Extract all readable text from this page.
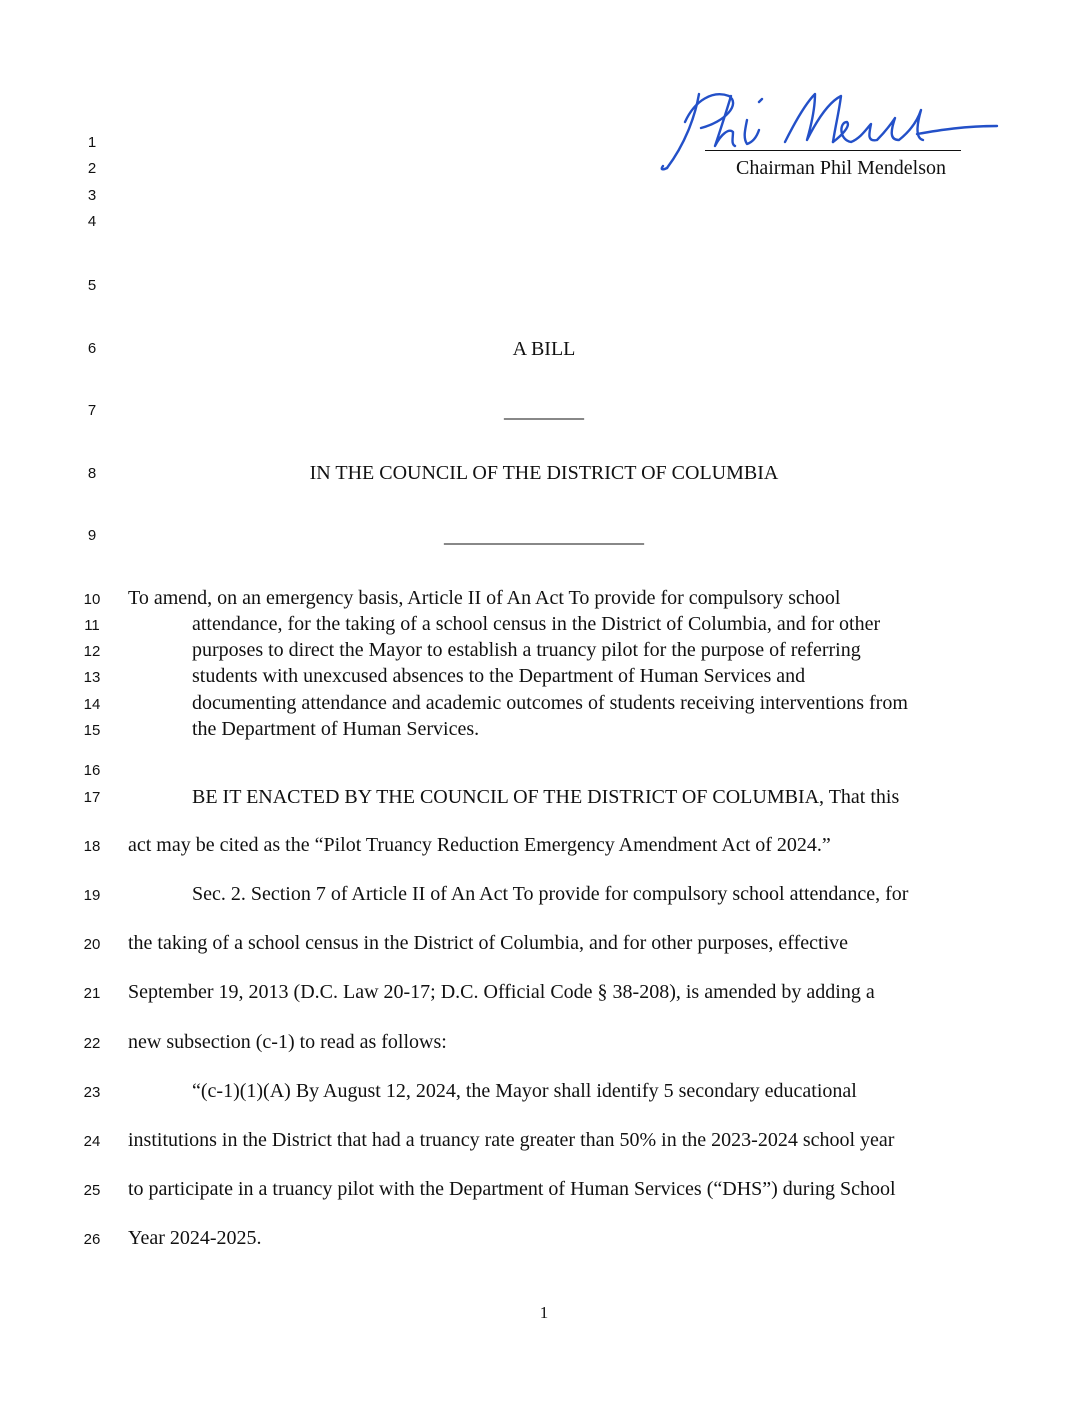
Chairman Phil Mendelson
1
2
3
4
5
6
7
8
9
10
11
12
13
14
15
16
17
18
19
20
21
22
23
24
25
26
A BILL
________
IN THE COUNCIL OF THE DISTRICT OF COLUMBIA
____________________
To amend, on an emergency basis, Article II of An Act To provide for compulsory school
attendance, for the taking of a school census in the District of Columbia, and for other
purposes to direct the Mayor to establish a truancy pilot for the purpose of referring
students with unexcused absences to the Department of Human Services and
documenting attendance and academic outcomes of students receiving interventions from
the Department of Human Services.
BE IT ENACTED BY THE COUNCIL OF THE DISTRICT OF COLUMBIA, That this
act may be cited as the “Pilot Truancy Reduction Emergency Amendment Act of 2024.”
Sec. 2. Section 7 of Article II of An Act To provide for compulsory school attendance, for
the taking of a school census in the District of Columbia, and for other purposes, effective
September 19, 2013 (D.C. Law 20-17; D.C. Official Code § 38-208), is amended by adding a
new subsection (c-1) to read as follows:
“(c-1)(1)(A) By August 12, 2024, the Mayor shall identify 5 secondary educational
institutions in the District that had a truancy rate greater than 50% in the 2023-2024 school year
to participate in a truancy pilot with the Department of Human Services (“DHS”) during School
Year 2024-2025.
1
